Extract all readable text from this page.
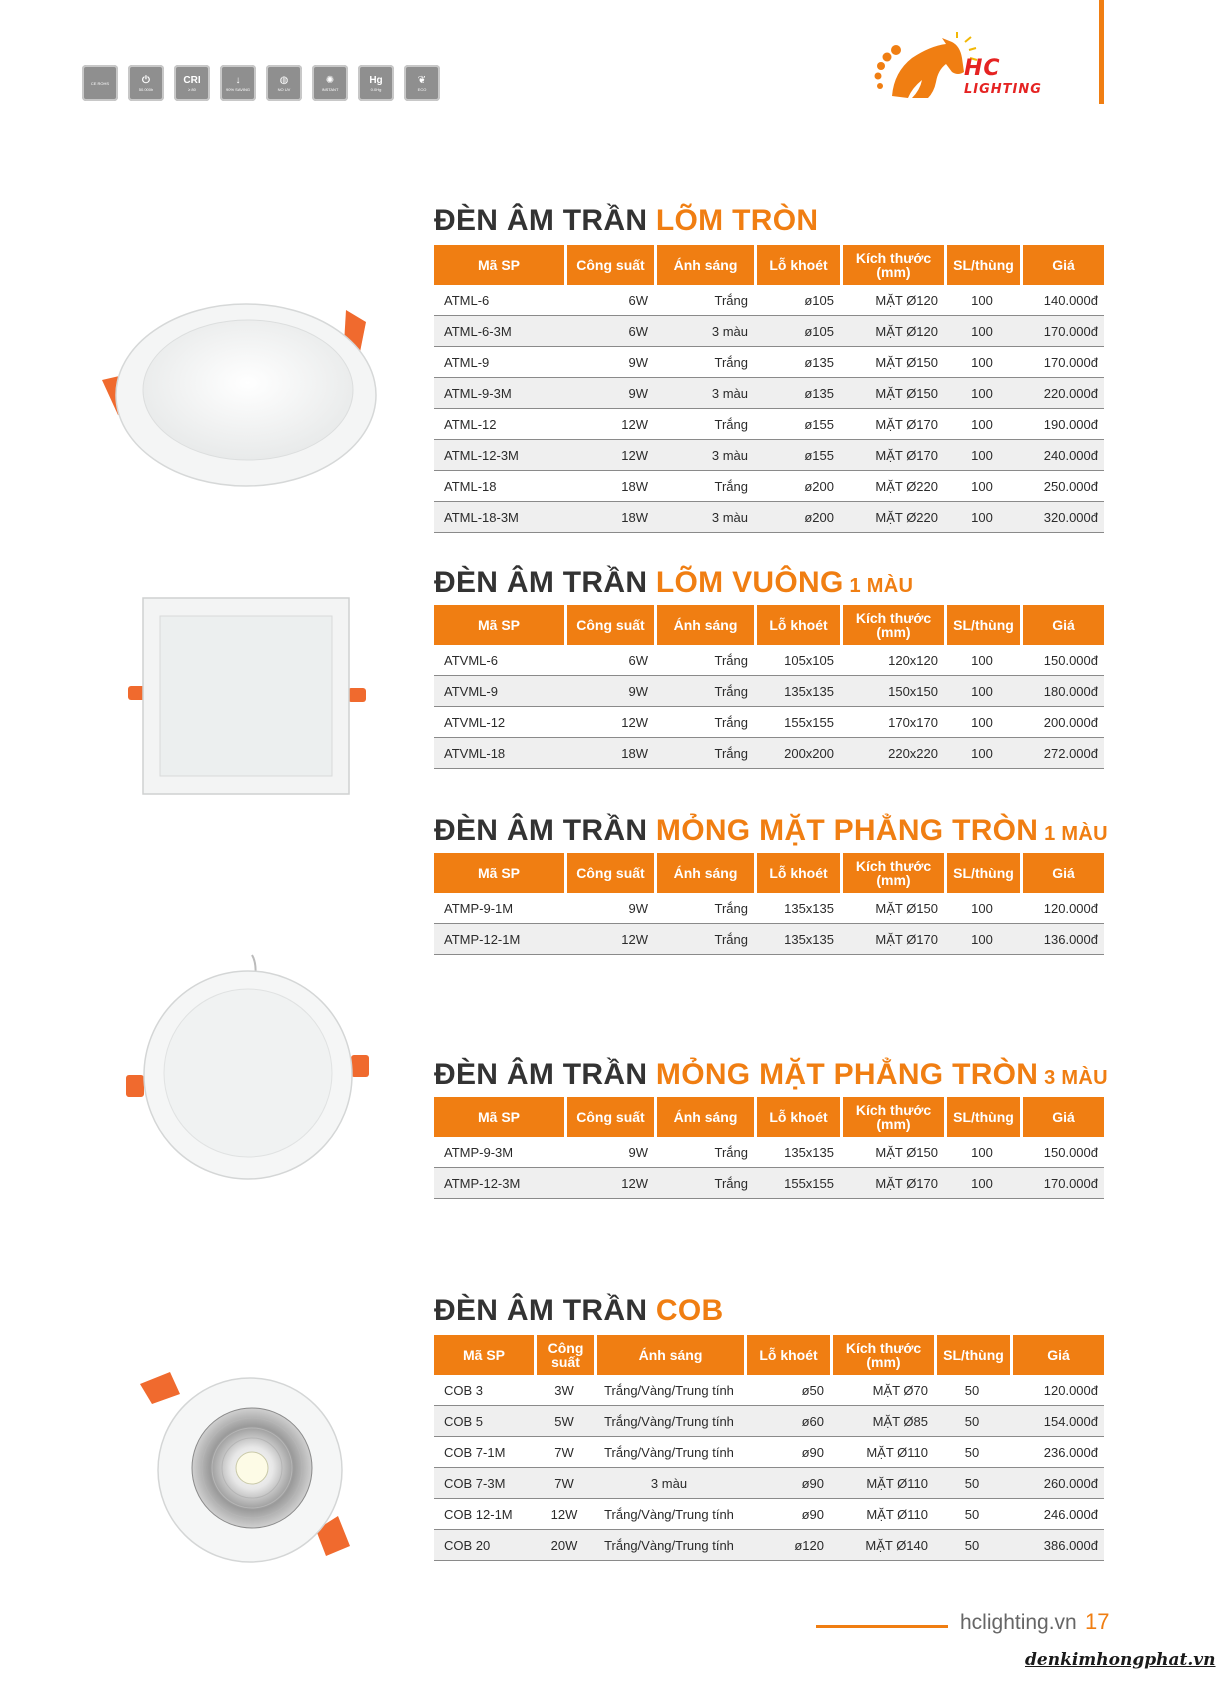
CE ROHS	⏻
50.000h
CRI
≥ 80
↓
90% SAVING
◍
NO UV
✺
INSTANT
Hg
0.0Hg
❦
ECO
HC
LIGHTING
ĐÈN ÂM TRẦN LÕM TRÒN
Mã SP	Công suất	Ánh sáng	Lỗ khoét	Kích thước (mm)	SL/thùng	Giá
ATML-6	6W	Trắng	ø105	MẶT Ø120	100	140.000đ
ATML-6-3M	6W	3 màu	ø105	MẶT Ø120	100	170.000đ
ATML-9	9W	Trắng	ø135	MẶT Ø150	100	170.000đ
ATML-9-3M	9W	3 màu	ø135	MẶT Ø150	100	220.000đ
ATML-12	12W	Trắng	ø155	MẶT Ø170	100	190.000đ
ATML-12-3M	12W	3 màu	ø155	MẶT Ø170	100	240.000đ
ATML-18	18W	Trắng	ø200	MẶT Ø220	100	250.000đ
ATML-18-3M	18W	3 màu	ø200	MẶT Ø220	100	320.000đ
ĐÈN ÂM TRẦN LÕM VUÔNG 1 MÀU
Mã SP	Công suất	Ánh sáng	Lỗ khoét	Kích thước (mm)	SL/thùng	Giá
ATVML-6	6W	Trắng	105x105	120x120	100	150.000đ
ATVML-9	9W	Trắng	135x135	150x150	100	180.000đ
ATVML-12	12W	Trắng	155x155	170x170	100	200.000đ
ATVML-18	18W	Trắng	200x200	220x220	100	272.000đ
ĐÈN ÂM TRẦN MỎNG MẶT PHẲNG TRÒN 1 MÀU
Mã SP	Công suất	Ánh sáng	Lỗ khoét	Kích thước (mm)	SL/thùng	Giá
ATMP-9-1M	9W	Trắng	135x135	MẶT Ø150	100	120.000đ
ATMP-12-1M	12W	Trắng	135x135	MẶT Ø170	100	136.000đ
ĐÈN ÂM TRẦN MỎNG MẶT PHẲNG TRÒN 3 MÀU
Mã SP	Công suất	Ánh sáng	Lỗ khoét	Kích thước (mm)	SL/thùng	Giá
ATMP-9-3M	9W	Trắng	135x135	MẶT Ø150	100	150.000đ
ATMP-12-3M	12W	Trắng	155x155	MẶT Ø170	100	170.000đ
ĐÈN ÂM TRẦN COB
Mã SP	Công suất	Ánh sáng	Lỗ khoét	Kích thước (mm)	SL/thùng	Giá
COB 3	3W	Trắng/Vàng/Trung tính	ø50	MẶT Ø70	50	120.000đ
COB 5	5W	Trắng/Vàng/Trung tính	ø60	MẶT Ø85	50	154.000đ
COB 7-1M	7W	Trắng/Vàng/Trung tính	ø90	MẶT Ø110	50	236.000đ
COB 7-3M	7W	3 màu	ø90	MẶT Ø110	50	260.000đ
COB 12-1M	12W	Trắng/Vàng/Trung tính	ø90	MẶT Ø110	50	246.000đ
COB 20	20W	Trắng/Vàng/Trung tính	ø120	MẶT Ø140	50	386.000đ
hclighting.vn 17
denkimhongphat.vn
